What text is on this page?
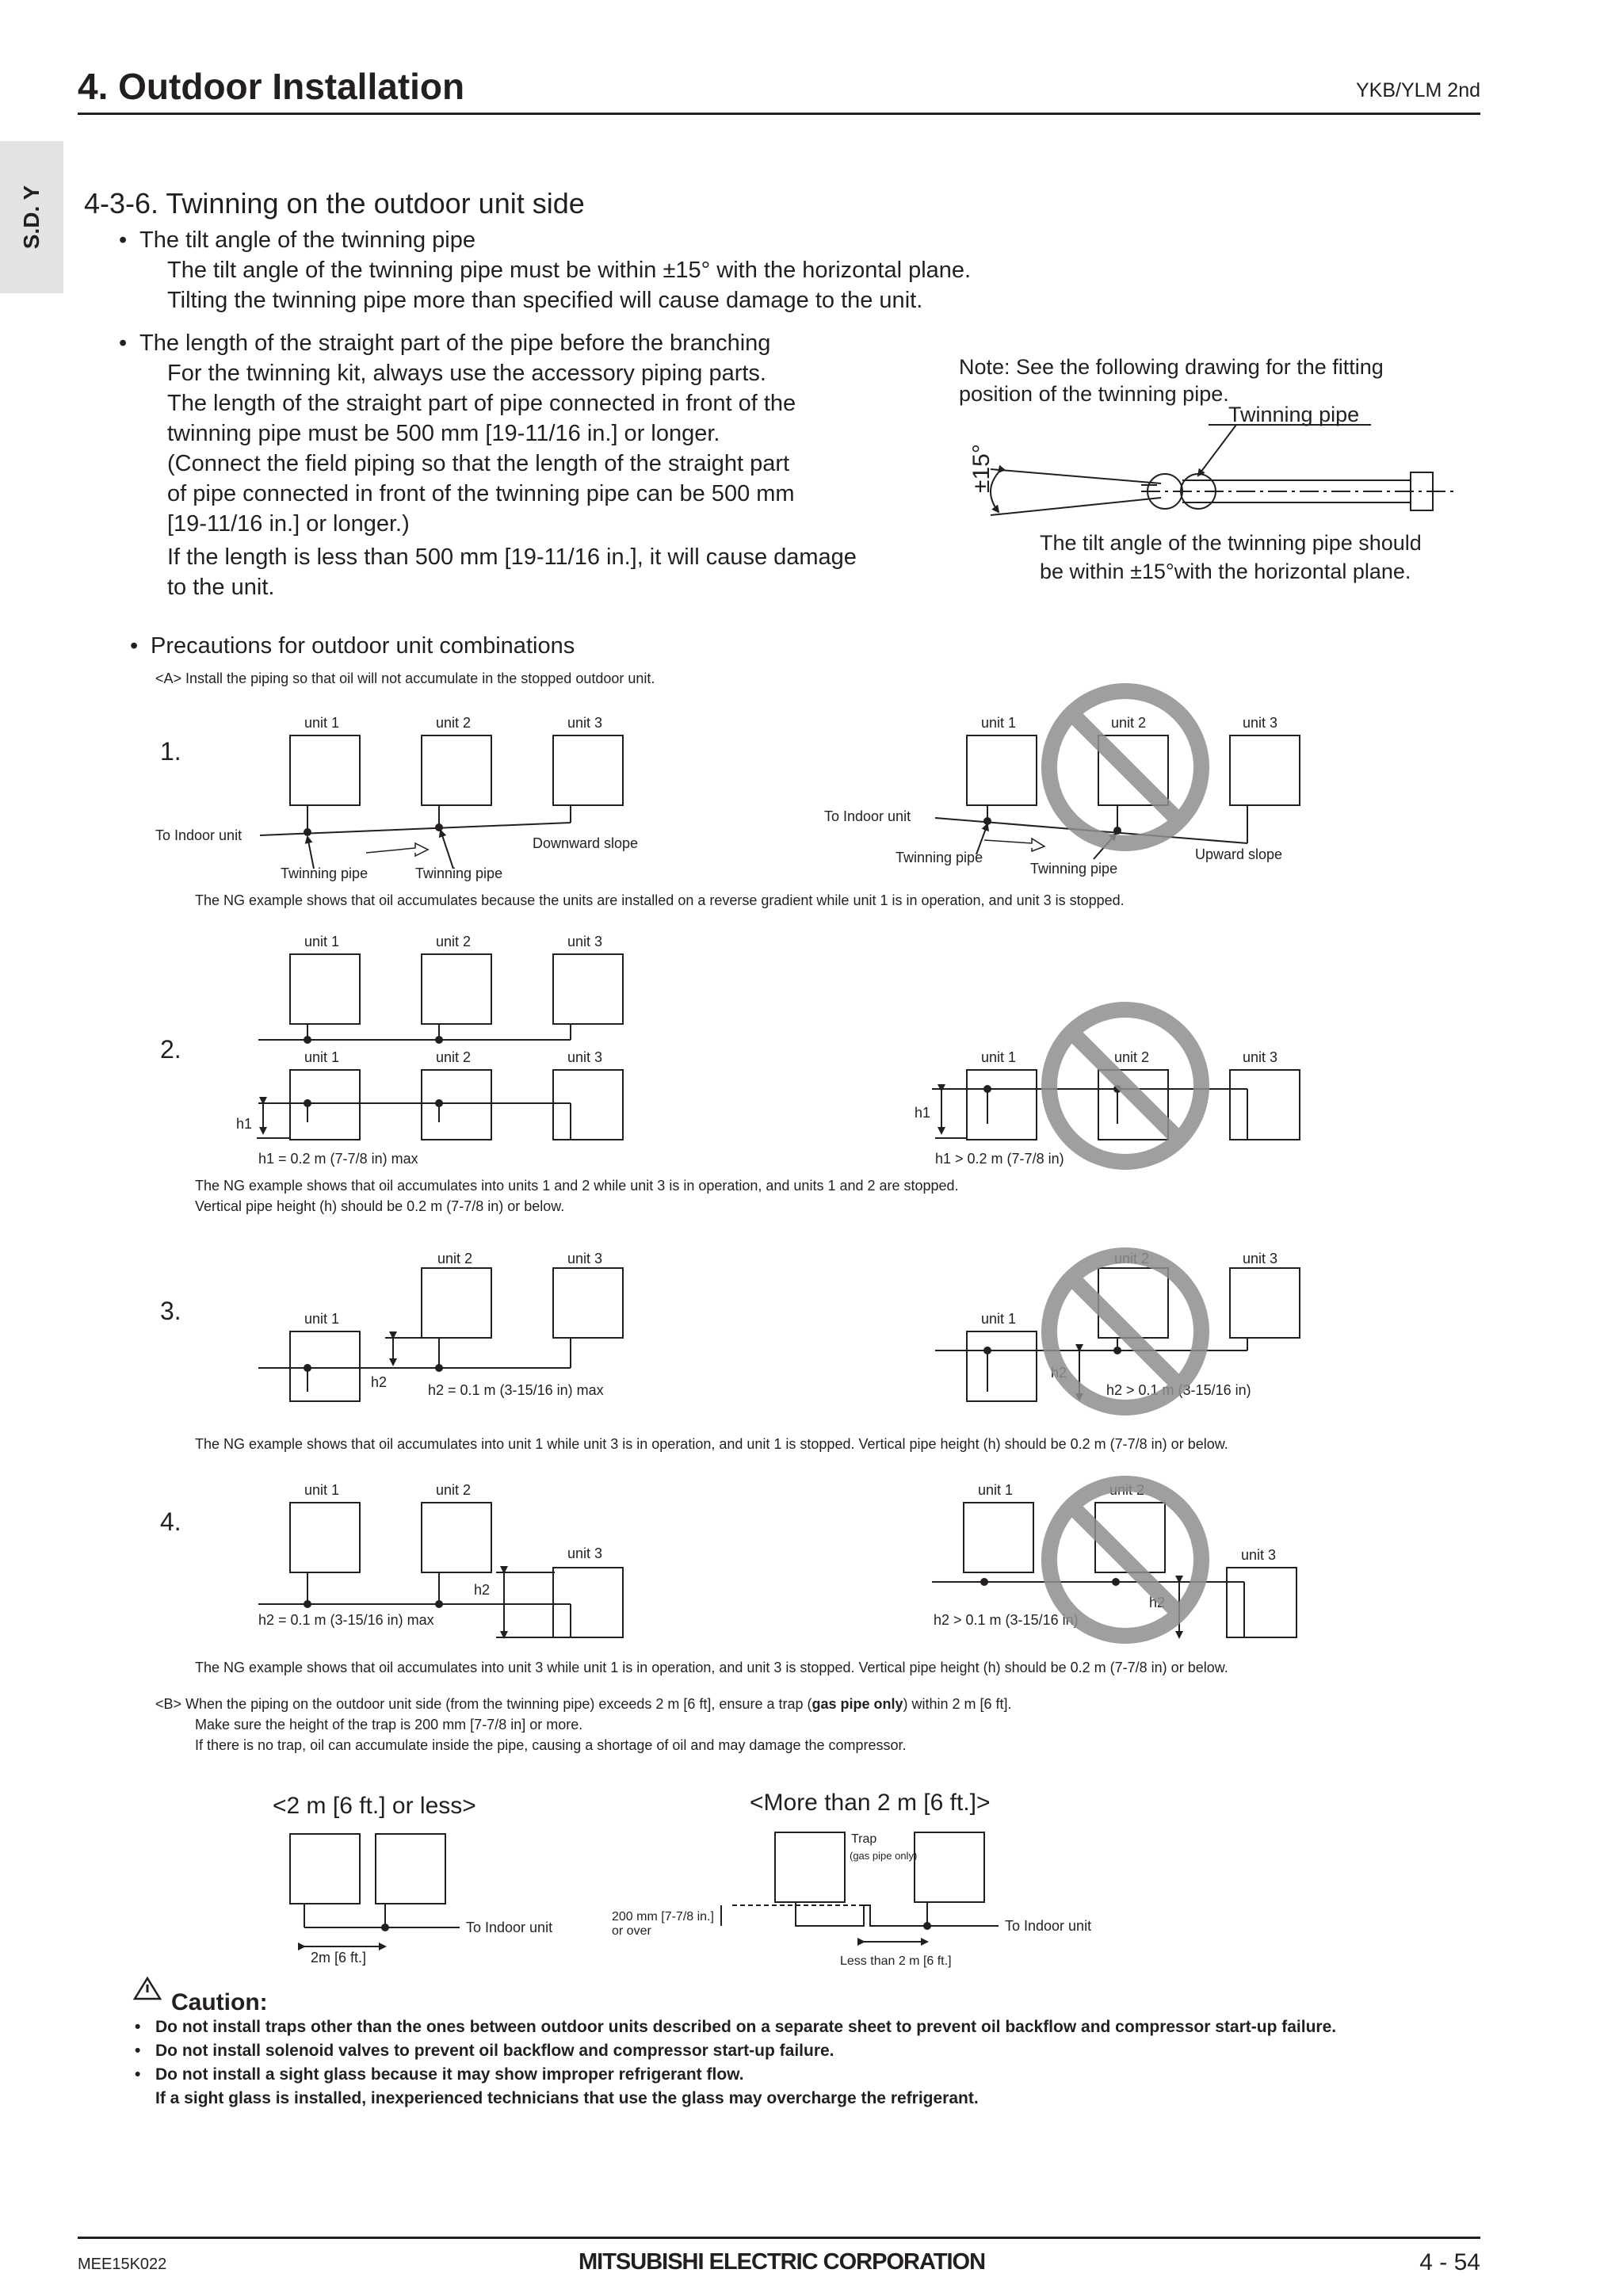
4. Outdoor Installation	YKB/YLM 2nd
S.D. Y 4-3-6. Twinning on the outdoor unit side
• The tilt angle of the twinning pipe
The tilt angle of the twinning pipe must be within ±15° with the horizontal plane.
Tilting the twinning pipe more than specified will cause damage to the unit.
• The length of the straight part of the pipe before the branching
For the twinning kit, always use the accessory piping parts.
The length of the straight part of pipe connected in front of the
twinning pipe must be 500 mm [19-11/16 in.] or longer.
(Connect the field piping so that the length of the straight part
of pipe connected in front of the twinning pipe can be 500 mm
[19-11/16 in.] or longer.)
If the length is less than 500 mm [19-11/16 in.], it will cause damage
to the unit.
Note: See the following drawing for the fitting
position of the twinning pipe.
Twinning pipe
The tilt angle of the twinning pipe should
be within ±15°with the horizontal plane.
±15°
• Precautions for outdoor unit combinations
<A> Install the piping so that oil will not accumulate in the stopped outdoor unit.
1.
2.
3.
4.
unit 1	unit 2	unit 3
To Indoor unit	Downward slope
Twinning pipe	Twinning pipe
unit 1	unit 2	unit 3
To Indoor unit
Twinning pipe
Twinning pipe
Upward slope
The NG example shows that oil accumulates because the units are installed on a reverse gradient while unit 1 is in operation, and unit 3 is stopped.
unit 1	unit 2	unit 3
unit 1	unit 2	unit 3
h1
h1 = 0.2 m (7-7/8 in) max
unit 1	unit 2	unit 3
h1
h1 > 0.2 m (7-7/8 in)
The NG example shows that oil accumulates into units 1 and 2 while unit 3 is in operation, and units 1 and 2 are stopped.
Vertical pipe height (h) should be 0.2 m (7-7/8 in) or below.
unit 2	unit 3
unit 1
h2	h2 = 0.1 m (3-15/16 in) max
unit 2	unit 3
unit 1
h2
h2 > 0.1 m (3-15/16 in)
The NG example shows that oil accumulates into unit 1 while unit 3 is in operation, and unit 1 is stopped. Vertical pipe height (h) should be 0.2 m (7-7/8 in) or below.
unit 1	unit 2
unit 3
h2
h2 = 0.1 m (3-15/16 in) max
unit 1	unit 2
unit 3
h2
h2 > 0.1 m (3-15/16 in)
The NG example shows that oil accumulates into unit 3 while unit 1 is in operation, and unit 3 is stopped. Vertical pipe height (h) should be 0.2 m (7-7/8 in) or below.
<B> When the piping on the outdoor unit side (from the twinning pipe) exceeds 2 m [6 ft], ensure a trap (gas pipe only) within 2 m [6 ft].
Make sure the height of the trap is 200 mm [7-7/8 in] or more.
If there is no trap, oil can accumulate inside the pipe, causing a shortage of oil and may damage the compressor.
<2 m [6 ft.] or less>	<More than 2 m [6 ft.]>
To Indoor unit
2m [6 ft.]
Trap
(gas pipe only)
200 mm [7-7/8 in.]
or over	To Indoor unit
Less than 2 m [6 ft.]
Caution:
• Do not install traps other than the ones between outdoor units described on a separate sheet to prevent oil backflow and compressor start-up failure.
• Do not install solenoid valves to prevent oil backflow and compressor start-up failure.
• Do not install a sight glass because it may show improper refrigerant flow.
If a sight glass is installed, inexperienced technicians that use the glass may overcharge the refrigerant.
MEE15K022	MITSUBISHI ELECTRIC CORPORATION	4 - 54
